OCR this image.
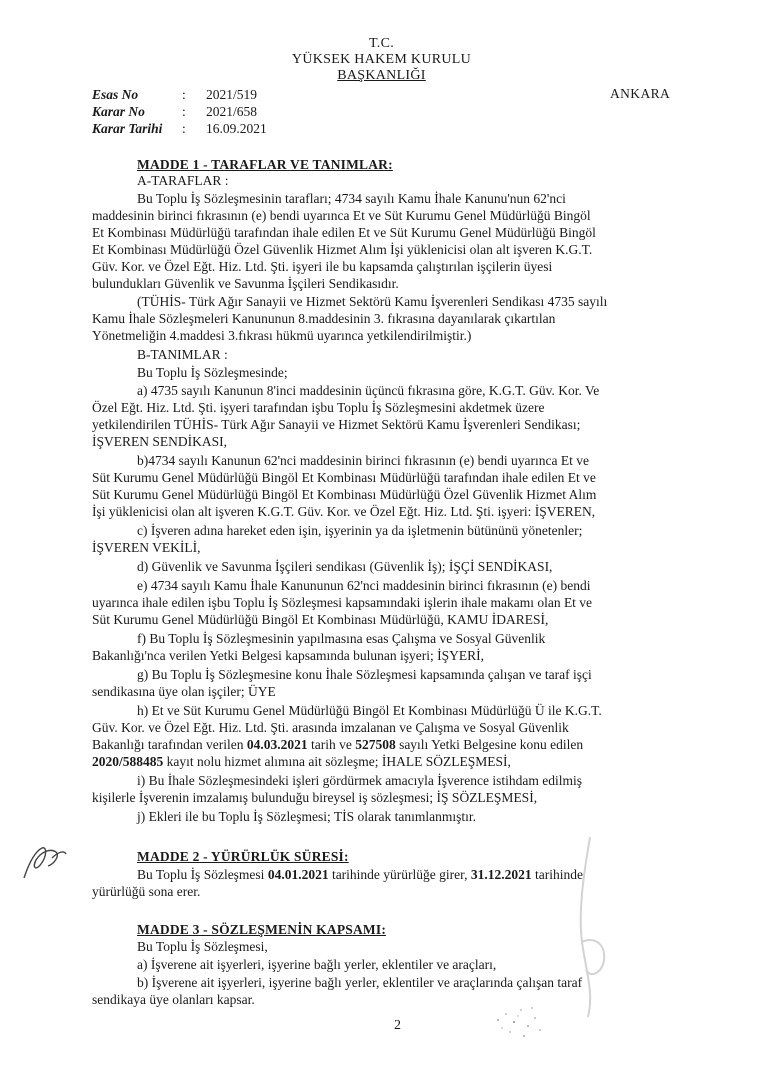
T.C.
YÜKSEK HAKEM KURULU
BAŞKANLIĞI
ANKARA
Esas No	: 2021/519
Karar No	: 2021/658
Karar Tarihi : 16.09.2021
MADDE 1 - TARAFLAR VE TANIMLAR:
A-TARAFLAR :
Bu Toplu İş Sözleşmesinin tarafları; 4734 sayılı Kamu İhale Kanunu'nun 62'nci
maddesinin birinci fıkrasının (e) bendi uyarınca Et ve Süt Kurumu Genel Müdürlüğü Bingöl
Et Kombinası Müdürlüğü tarafından ihale edilen Et ve Süt Kurumu Genel Müdürlüğü Bingöl
Et Kombinası Müdürlüğü Özel Güvenlik Hizmet Alım İşi yüklenicisi olan alt işveren K.G.T.
Güv. Kor. ve Özel Eğt. Hiz. Ltd. Şti. işyeri ile bu kapsamda çalıştırılan işçilerin üyesi
bulundukları Güvenlik ve Savunma İşçileri Sendikasıdır.
(TÜHİS- Türk Ağır Sanayii ve Hizmet Sektörü Kamu İşverenleri Sendikası 4735 sayılı
Kamu İhale Sözleşmeleri Kanununun 8.maddesinin 3. fıkrasına dayanılarak çıkartılan
Yönetmeliğin 4.maddesi 3.fıkrası hükmü uyarınca yetkilendirilmiştir.)
B-TANIMLAR :
Bu Toplu İş Sözleşmesinde;
a) 4735 sayılı Kanunun 8'inci maddesinin üçüncü fıkrasına göre, K.G.T. Güv. Kor. Ve
Özel Eğt. Hiz. Ltd. Şti. işyeri tarafından işbu Toplu İş Sözleşmesini akdetmek üzere
yetkilendirilen TÜHİS- Türk Ağır Sanayii ve Hizmet Sektörü Kamu İşverenleri Sendikası;
İŞVEREN SENDİKASI,
b)4734 sayılı Kanunun 62'nci maddesinin birinci fıkrasının (e) bendi uyarınca Et ve
Süt Kurumu Genel Müdürlüğü Bingöl Et Kombinası Müdürlüğü tarafından ihale edilen Et ve
Süt Kurumu Genel Müdürlüğü Bingöl Et Kombinası Müdürlüğü Özel Güvenlik Hizmet Alım
İşi yüklenicisi olan alt işveren K.G.T. Güv. Kor. ve Özel Eğt. Hiz. Ltd. Şti. işyeri: İŞVEREN,
c) İşveren adına hareket eden işin, işyerinin ya da işletmenin bütününü yönetenler;
İŞVEREN VEKİLİ,
d) Güvenlik ve Savunma İşçileri sendikası (Güvenlik İş); İŞÇİ SENDİKASI,
e) 4734 sayılı Kamu İhale Kanununun 62'nci maddesinin birinci fıkrasının (e) bendi
uyarınca ihale edilen işbu Toplu İş Sözleşmesi kapsamındaki işlerin ihale makamı olan Et ve
Süt Kurumu Genel Müdürlüğü Bingöl Et Kombinası Müdürlüğü, KAMU İDARESİ,
f) Bu Toplu İş Sözleşmesinin yapılmasına esas Çalışma ve Sosyal Güvenlik
Bakanlığı'nca verilen Yetki Belgesi kapsamında bulunan işyeri; İŞYERİ,
g) Bu Toplu İş Sözleşmesine konu İhale Sözleşmesi kapsamında çalışan ve taraf işçi
sendikasına üye olan işçiler; ÜYE
h) Et ve Süt Kurumu Genel Müdürlüğü Bingöl Et Kombinası Müdürlüğü Ü ile K.G.T.
Güv. Kor. ve Özel Eğt. Hiz. Ltd. Şti. arasında imzalanan ve Çalışma ve Sosyal Güvenlik
Bakanlığı tarafından verilen 04.03.2021 tarih ve 527508 sayılı Yetki Belgesine konu edilen
2020/588485 kayıt nolu hizmet alımına ait sözleşme; İHALE SÖZLEŞMESİ,
i) Bu İhale Sözleşmesindeki işleri gördürmek amacıyla İşverence istihdam edilmiş
kişilerle İşverenin imzalamış bulunduğu bireysel iş sözleşmesi; İŞ SÖZLEŞMESİ,
j) Ekleri ile bu Toplu İş Sözleşmesi; TİS olarak tanımlanmıştır.
MADDE 2 - YÜRÜRLÜK SÜRESİ:
Bu Toplu İş Sözleşmesi 04.01.2021 tarihinde yürürlüğe girer, 31.12.2021 tarihinde
yürürlüğü sona erer.
MADDE 3 - SÖZLEŞMENİN KAPSAMI:
Bu Toplu İş Sözleşmesi,
a) İşverene ait işyerleri, işyerine bağlı yerler, eklentiler ve araçları,
b) İşverene ait işyerleri, işyerine bağlı yerler, eklentiler ve araçlarında çalışan taraf
sendikaya üye olanları kapsar.
2
